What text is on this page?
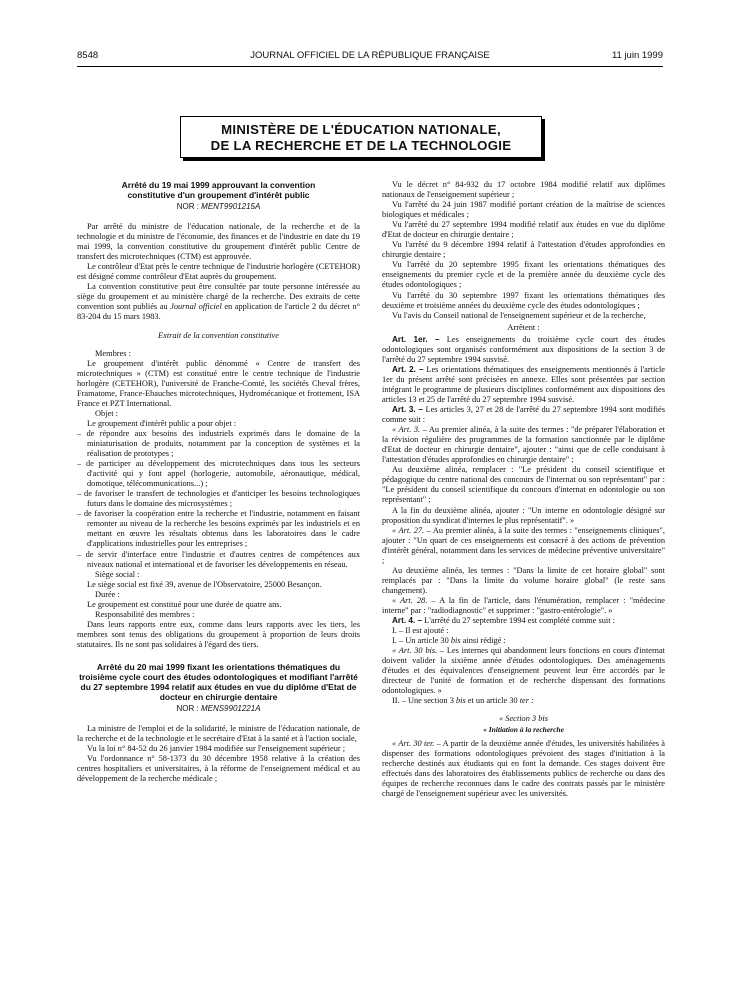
8548	JOURNAL OFFICIEL DE LA RÉPUBLIQUE FRANÇAISE	11 juin 1999
MINISTÈRE DE L'ÉDUCATION NATIONALE,
DE LA RECHERCHE ET DE LA TECHNOLOGIE

Arrêté du 19 mai 1999 approuvant la convention constitutive d'un groupement d'intérêt public

NOR : MENT9901215A

Par arrêté du ministre de l'éducation nationale, de la recherche et de la technologie et du ministre de l'économie, des finances et de l'industrie en date du 19 mai 1999, la convention constitutive du groupement d'intérêt public Centre de transfert des microtechniques (CTM) est approuvée.

Le contrôleur d'Etat près le centre technique de l'industrie horlogère (CETEHOR) est désigné comme contrôleur d'Etat auprès du groupement.

La convention constitutive peut être consultée par toute personne intéressée au siège du groupement et au ministère chargé de la recherche. Des extraits de cette convention sont publiés au Journal officiel en application de l'article 2 du décret n° 83-204 du 15 mars 1983.

Extrait de la convention constitutive

Membres :

Le groupement d'intérêt public dénommé « Centre de transfert des microtechniques » (CTM) est constitué entre le centre technique de l'industrie horlogère (CETEHOR), l'université de Franche-Comté, les sociétés Cheval frères, Framatome, France-Ebauches microtechniques, Hydromécanique et frottement, ISA France et PZT International.

Objet :

Le groupement d'intérêt public a pour objet :

– de répondre aux besoins des industriels exprimés dans le domaine de la miniaturisation de produits, notamment par la conception de systèmes et la réalisation de prototypes ;

– de participer au développement des microtechniques dans tous les secteurs d'activité qui y font appel (horlogerie, automobile, aéronautique, médical, domotique, télécommunications...) ;

– de favoriser le transfert de technologies et d'anticiper les besoins technologiques futurs dans le domaine des microsystèmes ;

– de favoriser la coopération entre la recherche et l'industrie, notamment en faisant remonter au niveau de la recherche les besoins exprimés par les industriels et en mettant en œuvre les résultats obtenus dans les laboratoires dans le cadre d'applications industrielles pour les entreprises ;

– de servir d'interface entre l'industrie et d'autres centres de compétences aux niveaux national et international et de favoriser les développements en réseau.

Siège social :

Le siège social est fixé 39, avenue de l'Observatoire, 25000 Besançon.

Durée :

Le groupement est constitué pour une durée de quatre ans.

Responsabilité des membres :

Dans leurs rapports entre eux, comme dans leurs rapports avec les tiers, les membres sont tenus des obligations du groupement à proportion de leurs droits statutaires. Ils ne sont pas solidaires à l'égard des tiers.

Arrêté du 20 mai 1999 fixant les orientations thématiques du troisième cycle court des études odontologiques et modifiant l'arrêté du 27 septembre 1994 relatif aux études en vue du diplôme d'Etat de docteur en chirurgie dentaire

NOR : MENS9901221A

La ministre de l'emploi et de la solidarité, le ministre de l'éducation nationale, de la recherche et de la technologie et le secrétaire d'Etat à la santé et à l'action sociale,

Vu la loi n° 84-52 du 26 janvier 1984 modifiée sur l'enseignement supérieur ;

Vu l'ordonnance n° 58-1373 du 30 décembre 1958 relative à la création des centres hospitaliers et universitaires, à la réforme de l'enseignement médical et au développement de la recherche médicale ;

Vu le décret n° 84-932 du 17 octobre 1984 modifié relatif aux diplômes nationaux de l'enseignement supérieur ;

Vu l'arrêté du 24 juin 1987 modifié portant création de la maîtrise de sciences biologiques et médicales ;

Vu l'arrêté du 27 septembre 1994 modifié relatif aux études en vue du diplôme d'Etat de docteur en chirurgie dentaire ;

Vu l'arrêté du 9 décembre 1994 relatif à l'attestation d'études approfondies en chirurgie dentaire ;

Vu l'arrêté du 20 septembre 1995 fixant les orientations thématiques des enseignements du premier cycle et de la première année du deuxième cycle des études odontologiques ;

Vu l'arrêté du 30 septembre 1997 fixant les orientations thématiques des deuxième et troisième années du deuxième cycle des études odontologiques ;

Vu l'avis du Conseil national de l'enseignement supérieur et de la recherche,

Arrêtent :

Art. 1er. – Les enseignements du troisième cycle court des études odontologiques sont organisés conformément aux dispositions de la section 3 de l'arrêté du 27 septembre 1994 susvisé.

Art. 2. – Les orientations thématiques des enseignements mentionnés à l'article 1er du présent arrêté sont précisées en annexe. Elles sont présentées par section intégrant le programme de plusieurs disciplines conformément aux dispositions des articles 13 et 25 de l'arrêté du 27 septembre 1994 susvisé.

Art. 3. – Les articles 3, 27 et 28 de l'arrêté du 27 septembre 1994 sont modifiés comme suit :

« Art. 3. – Au premier alinéa, à la suite des termes : "de préparer l'élaboration et la révision régulière des programmes de la formation sanctionnée par le diplôme d'Etat de docteur en chirurgie dentaire", ajouter : "ainsi que de celle conduisant à l'attestation d'études approfondies en chirurgie dentaire" ;

Au deuxième alinéa, remplacer : "Le président du conseil scientifique et pédagogique du centre national des concours de l'internat ou son représentant" par : "Le président du conseil scientifique du concours d'internat en odontologie ou son représentant" ;

A la fin du deuxième alinéa, ajouter : "Un interne en odontologie désigné sur proposition du syndicat d'internes le plus représentatif". »

« Art. 27. – Au premier alinéa, à la suite des termes : "enseignements cliniques", ajouter : "Un quart de ces enseignements est consacré à des actions de prévention d'intérêt général, notamment dans les services de médecine préventive universitaire" ;

Au deuxième alinéa, les termes : "Dans la limite de cet horaire global" sont remplacés par : "Dans la limite du volume horaire global" (le reste sans changement).

« Art. 28. – A la fin de l'article, dans l'énumération, remplacer : "médecine interne" par : "radiodiagnostic" et supprimer : "gastro-entérologie". »

Art. 4. – L'arrêté du 27 septembre 1994 est complété comme suit :

I. – Il est ajouté :

I. – Un article 30 bis ainsi rédigé :

« Art. 30 bis. – Les internes qui abandonnent leurs fonctions en cours d'internat doivent valider la sixième année d'études odontologiques. Des aménagements d'études et des équivalences d'enseignement peuvent leur être accordés par le directeur de l'unité de formation et de recherche dispensant des formations odontologiques. »

II. – Une section 3 bis et un article 30 ter :

« Section 3 bis

« Initiation à la recherche

« Art. 30 ter. – A partir de la deuxième année d'études, les universités habilitées à dispenser des formations odontologiques prévoient des stages d'initiation à la recherche destinés aux étudiants qui en font la demande. Ces stages doivent être effectués dans des laboratoires des établissements publics de recherche ou dans des équipes de recherche reconnues dans le cadre des contrats passés par le ministère chargé de l'enseignement supérieur avec les universités.
